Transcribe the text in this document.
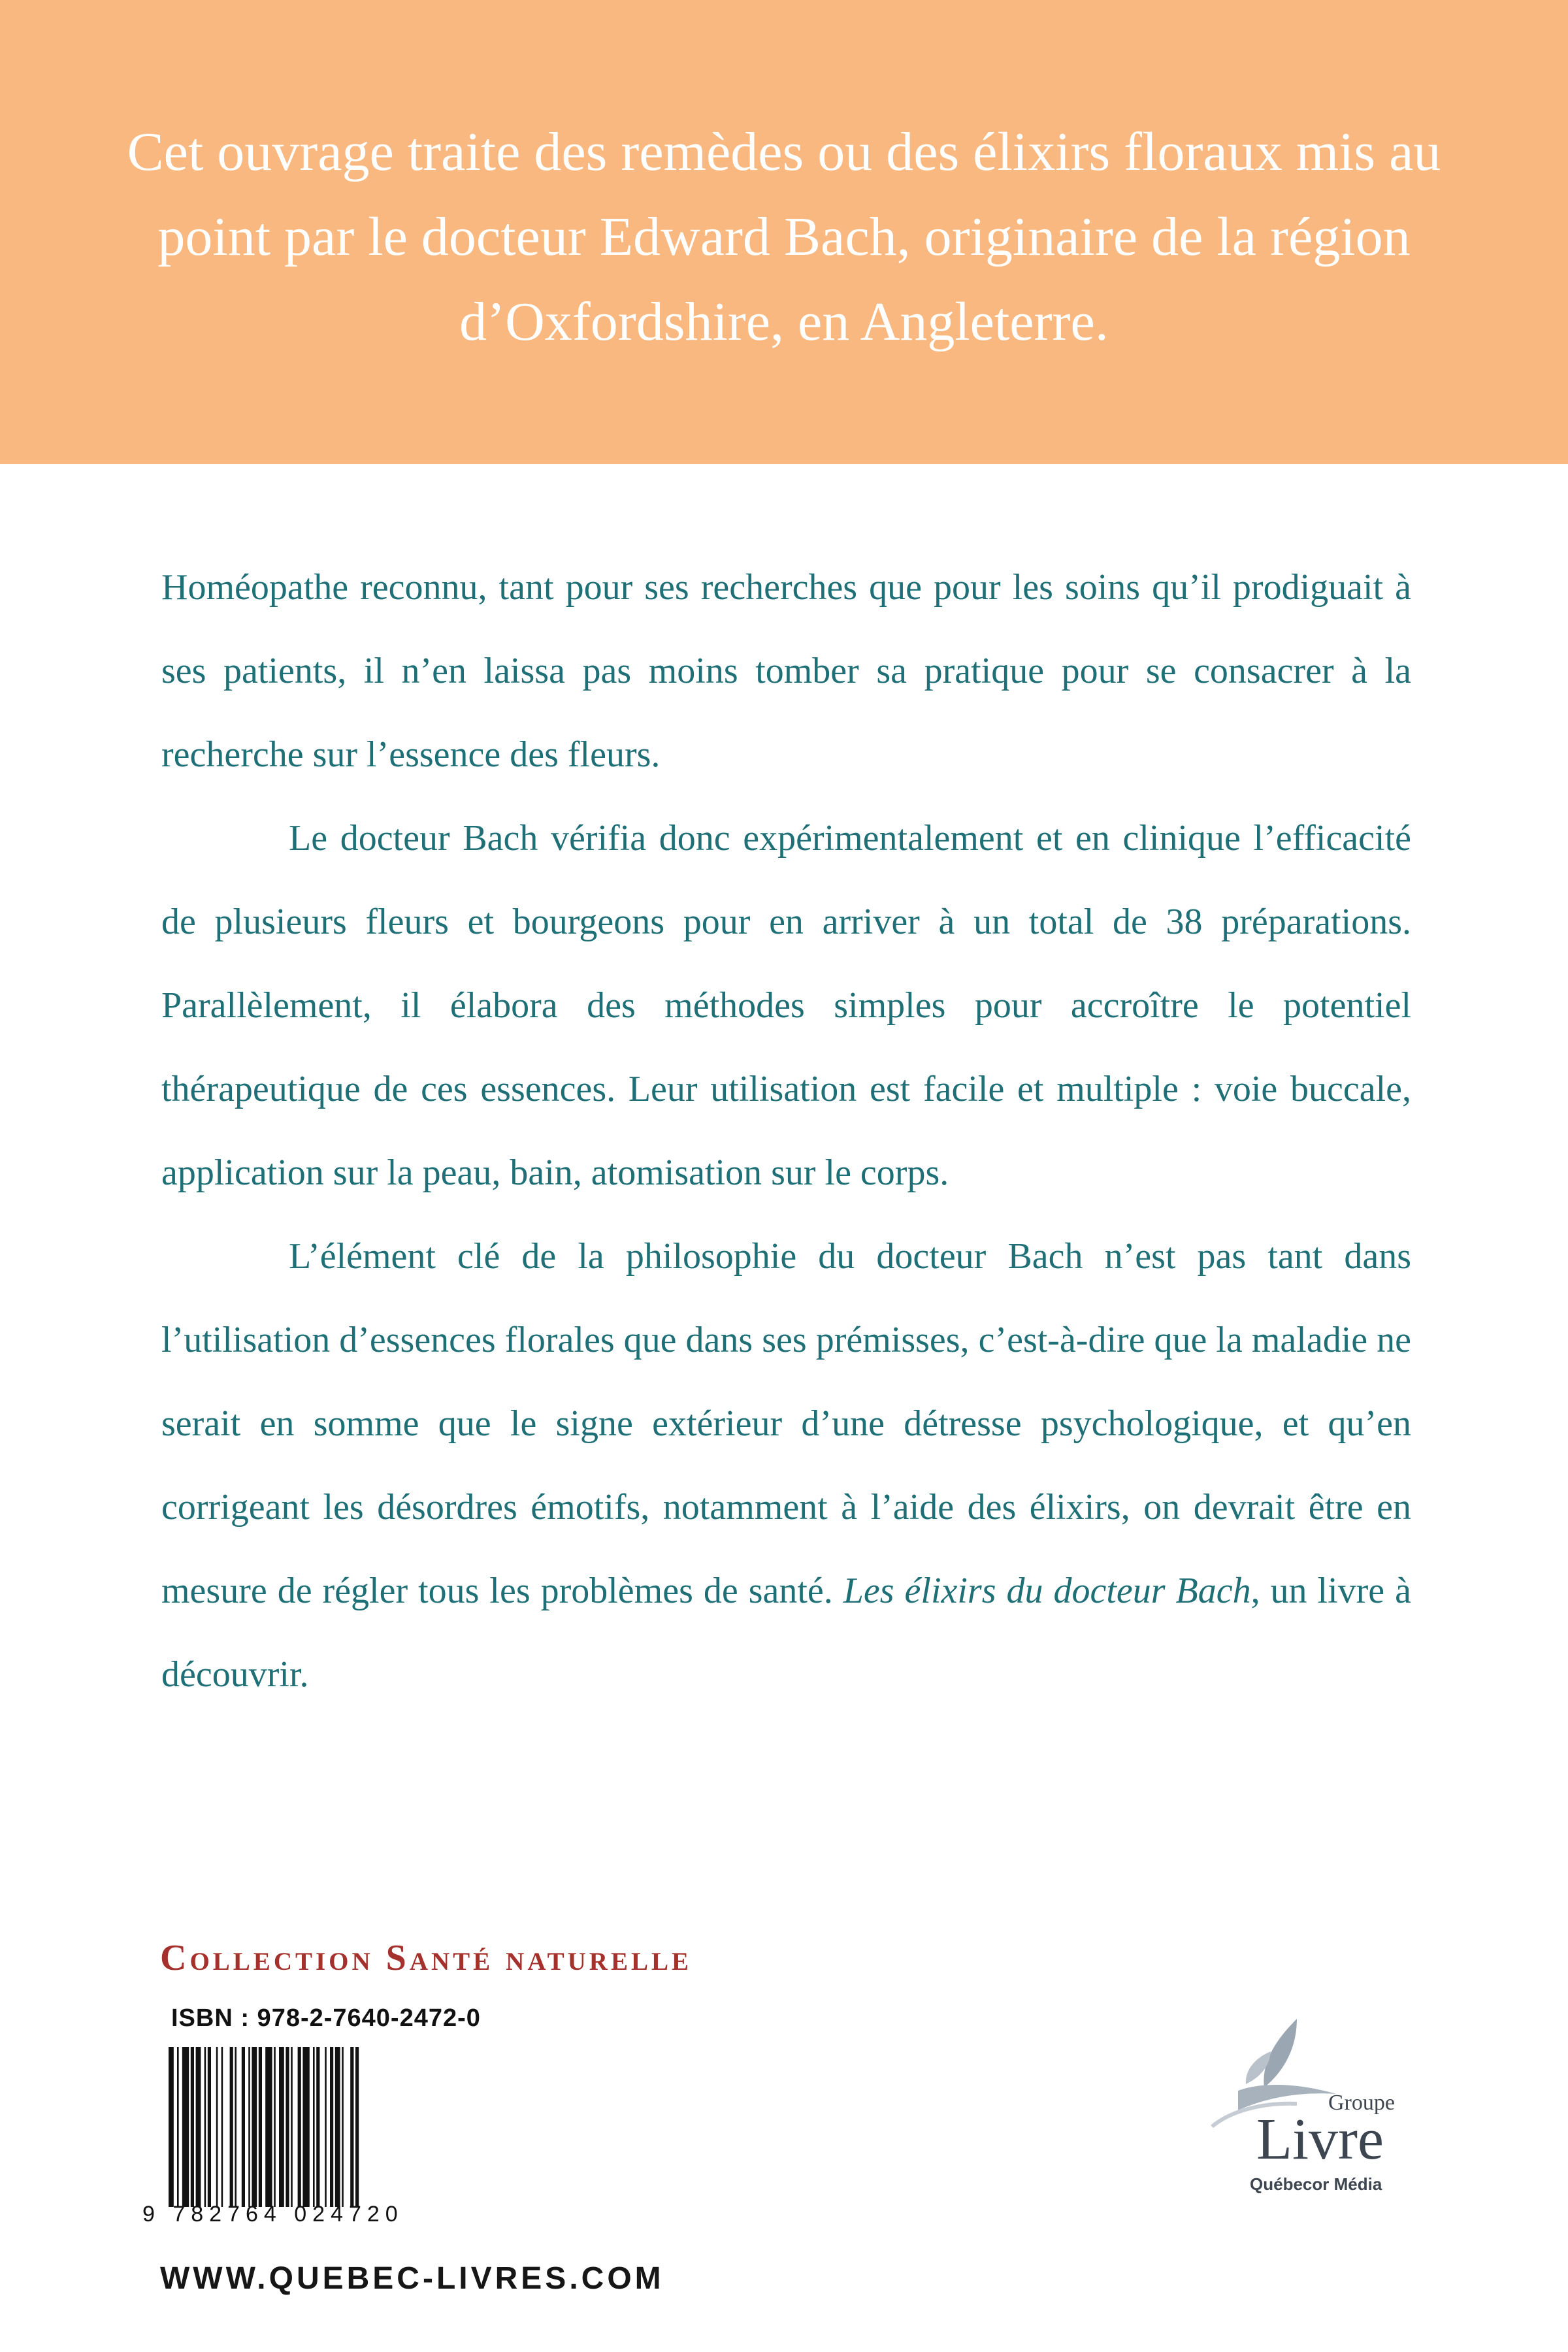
Cet ouvrage traite des remèdes ou des élixirs floraux mis au point par le docteur Edward Bach, originaire de la région d’Oxfordshire, en Angleterre.

Homéopathe reconnu, tant pour ses recherches que pour les soins qu’il prodiguait à ses patients, il n’en laissa pas moins tomber sa pratique pour se consacrer à la recherche sur l’essence des fleurs.

Le docteur Bach vérifia donc expérimentalement et en clinique l’efficacité de plusieurs fleurs et bourgeons pour en arriver à un total de 38 préparations. Parallèlement, il élabora des méthodes simples pour accroître le potentiel thérapeutique de ces essences. Leur utilisation est facile et multiple : voie buccale, application sur la peau, bain, atomisation sur le corps.

L’élément clé de la philosophie du docteur Bach n’est pas tant dans l’utilisation d’essences florales que dans ses prémisses, c’est-à-dire que la maladie ne serait en somme que le signe extérieur d’une détresse psychologique, et qu’en corrigeant les désordres émotifs, notamment à l’aide des élixirs, on devrait être en mesure de régler tous les problèmes de santé. Les élixirs du docteur Bach, un livre à découvrir.

Collection Santé naturelle

ISBN : 978-2-7640-2472-0

9 782764 024720

WWW.QUEBEC-LIVRES.COM

Groupe

Livre

Québecor Média
